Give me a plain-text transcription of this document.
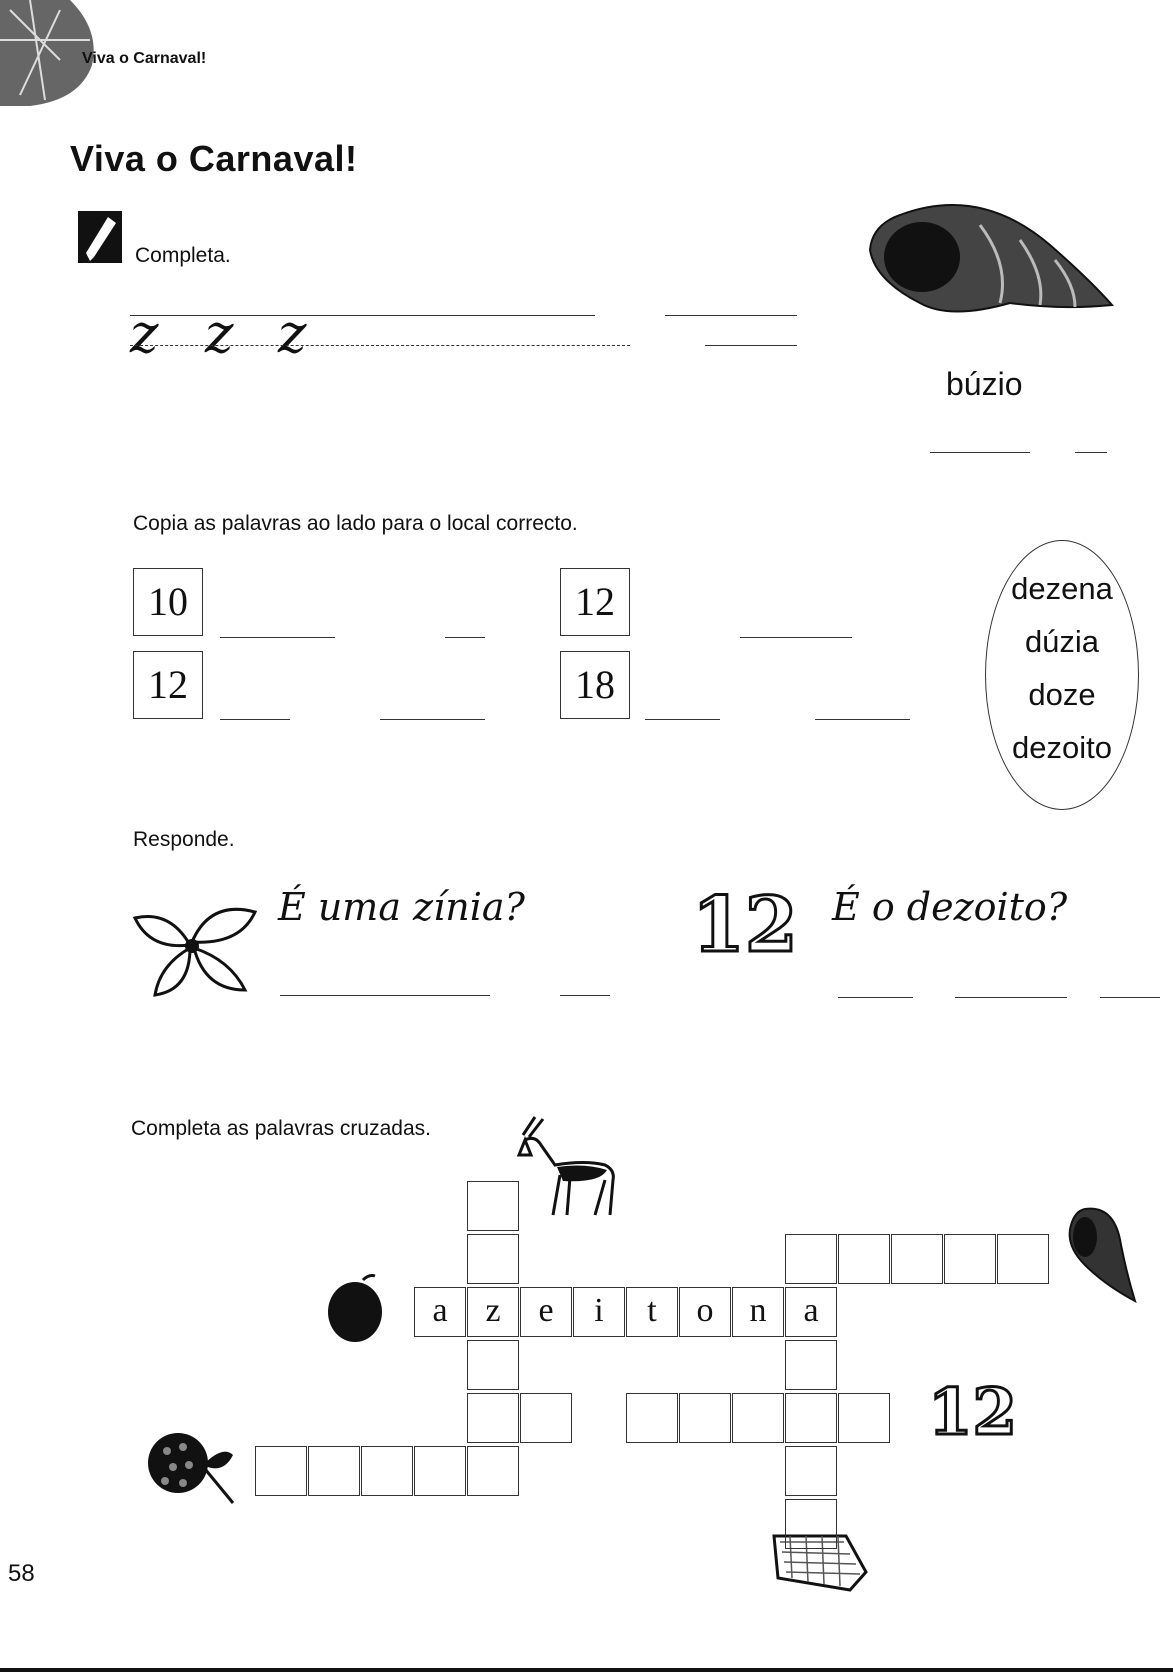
Viva o Carnaval!
Viva o Carnaval!
Completa.
z z z
búzio
Copia as palavras ao lado para o local correcto.
10
12
12
18
dezena
dúzia
doze
dezoito
Responde.
É uma zínia? 12 É o dezoito?
Completa as palavras cruzadas.
12
a	z	e	i	t	o	n	a
58
